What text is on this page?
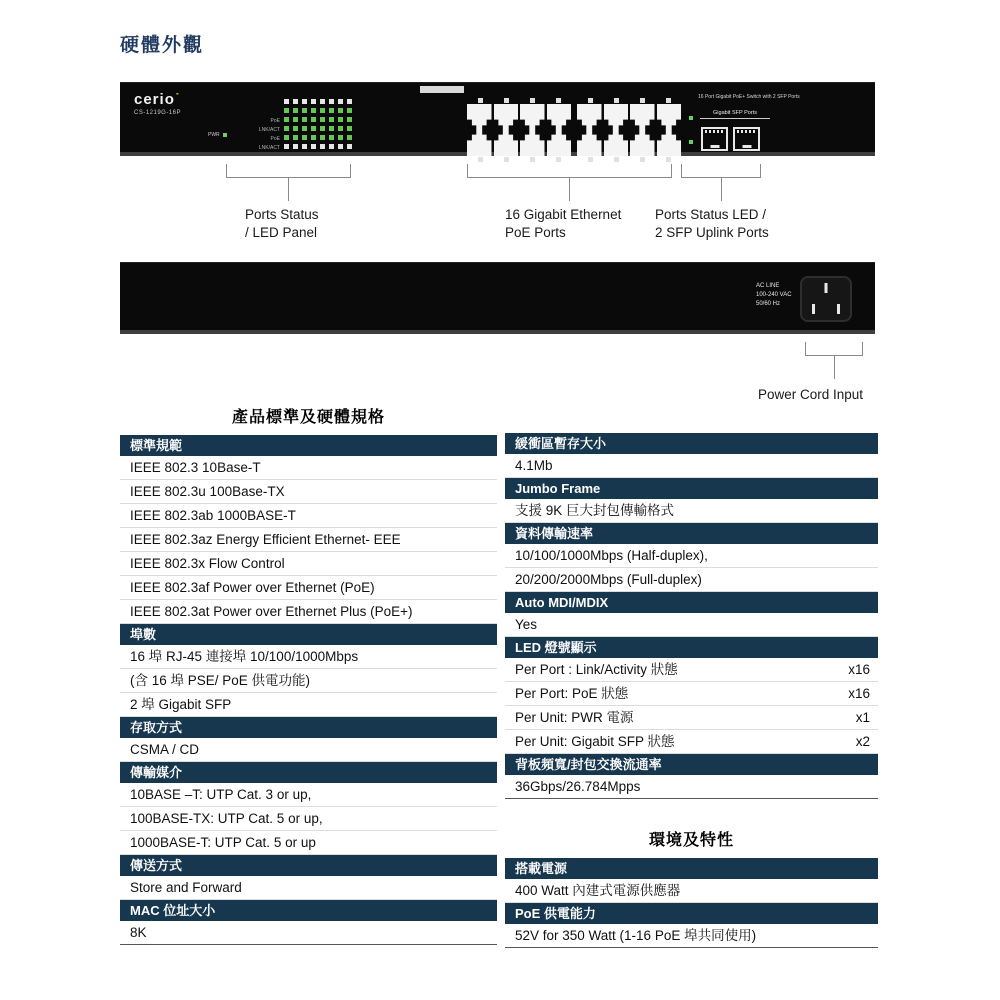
硬體外觀
cerio˙
CS-1219G-16P
PWR
PoE
LNK/ACT
PoE
LNK/ACT
16 Port Gigabit PoE+ Switch with 2 SFP Ports
Gigabit SFP Ports
Ports Status
/ LED Panel
16 Gigabit Ethernet
PoE Ports
Ports Status LED /
2 SFP Uplink Ports
AC LINE
100-240 VAC
50/60 Hz
Power Cord Input
產品標準及硬體規格
標準規範
IEEE 802.3 10Base-T
IEEE 802.3u 100Base-TX
IEEE 802.3ab 1000BASE-T
IEEE 802.3az Energy Efficient Ethernet- EEE
IEEE 802.3x Flow Control
IEEE 802.3af Power over Ethernet (PoE)
IEEE 802.3at Power over Ethernet Plus (PoE+)
埠數
16 埠 RJ-45 連接埠 10/100/1000Mbps
(含 16 埠 PSE/ PoE 供電功能)
2 埠 Gigabit SFP
存取方式
CSMA / CD
傳輸媒介
10BASE –T: UTP Cat. 3 or up,
100BASE-TX: UTP Cat. 5 or up,
1000BASE-T: UTP Cat. 5 or up
傳送方式
Store and Forward
MAC 位址大小
8K
緩衝區暫存大小
4.1Mb
Jumbo Frame
支援 9K 巨大封包傳輸格式
資料傳輸速率
10/100/1000Mbps (Half-duplex),
20/200/2000Mbps (Full-duplex)
Auto MDI/MDIX
Yes
LED 燈號顯示
Per Port : Link/Activity 狀態	x16
Per Port: PoE 狀態	x16
Per Unit: PWR 電源	x1
Per Unit: Gigabit SFP 狀態	x2
背板頻寬/封包交換流通率
36Gbps/26.784Mpps
環境及特性
搭載電源
400 Watt 內建式電源供應器
PoE 供電能力
52V for 350 Watt (1-16 PoE 埠共同使用)
